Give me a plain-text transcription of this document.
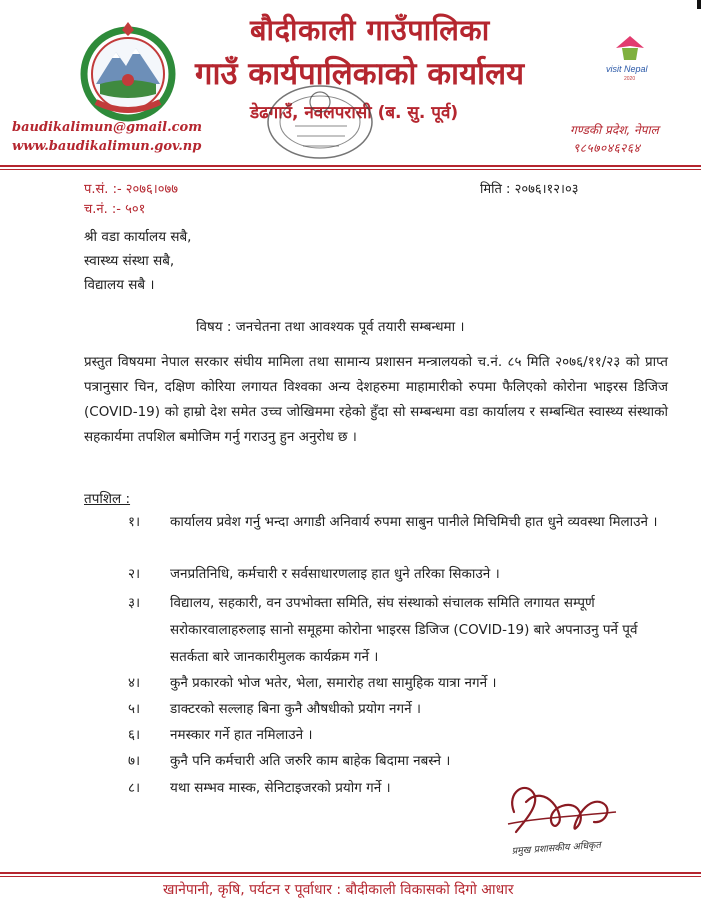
visit Nepal
2020
बौदीकाली गाउँपालिका
गाउँ कार्यपालिकाको कार्यालय
डेढगाउँ, नवलपरासी (ब. सु. पूर्व)
baudikalimun@gmail.com
www.baudikalimun.gov.np
गण्डकी प्रदेश, नेपाल
९८५७०४६२६४
प.सं. :- २०७६।०७७
च.नं. :- ५०१
मिति : २०७६।१२।०३
श्री वडा कार्यालय सबै,
स्वास्थ्य संस्था सबै,
विद्यालय सबै ।
विषय : जनचेतना तथा आवश्यक पूर्व तयारी सम्बन्धमा ।
प्रस्तुत विषयमा नेपाल सरकार संघीय मामिला तथा सामान्य प्रशासन मन्त्रालयको च.नं. ८५ मिति २०७६/११/२३ को प्राप्त पत्रानुसार चिन, दक्षिण कोरिया लगायत विश्वका अन्य देशहरुमा माहामारीको रुपमा फैलिएको कोरोना भाइरस डिजिज (COVID-19) को हाम्रो देश समेत उच्च जोखिममा रहेको हुँदा सो सम्बन्धमा वडा कार्यालय र सम्बन्धित स्वास्थ्य संस्थाको सहकार्यमा तपशिल बमोजिम गर्नु गराउनु हुन अनुरोध छ ।
तपशिल :
१।	कार्यालय प्रवेश गर्नु भन्दा अगाडी अनिवार्य रुपमा साबुन पानीले मिचिमिची हात धुने व्यवस्था मिलाउने ।
२।	जनप्रतिनिधि, कर्मचारी र सर्वसाधारणलाइ हात धुने तरिका सिकाउने ।
३।	विद्यालय, सहकारी, वन उपभोक्ता समिति, संघ संस्थाको संचालक समिति लगायत सम्पूर्ण सरोकारवालाहरुलाइ सानो समूहमा कोरोना भाइरस डिजिज (COVID-19) बारे अपनाउनु पर्ने पूर्व सतर्कता बारे जानकारीमुलक कार्यक्रम गर्ने ।
४।	कुनै प्रकारको भोज भतेर, भेला, समारोह तथा सामुहिक यात्रा नगर्ने ।
५।	डाक्टरको सल्लाह बिना कुनै औषधीको प्रयोग नगर्ने ।
६।	नमस्कार गर्ने हात नमिलाउने ।
७।	कुनै पनि कर्मचारी अति जरुरि काम बाहेक बिदामा नबस्ने ।
८।	यथा सम्भव मास्क, सेनिटाइजरको प्रयोग गर्ने ।
प्रमुख प्रशासकीय अधिकृत
खानेपानी, कृषि, पर्यटन र पूर्वाधार : बौदीकाली विकासको दिगो आधार
